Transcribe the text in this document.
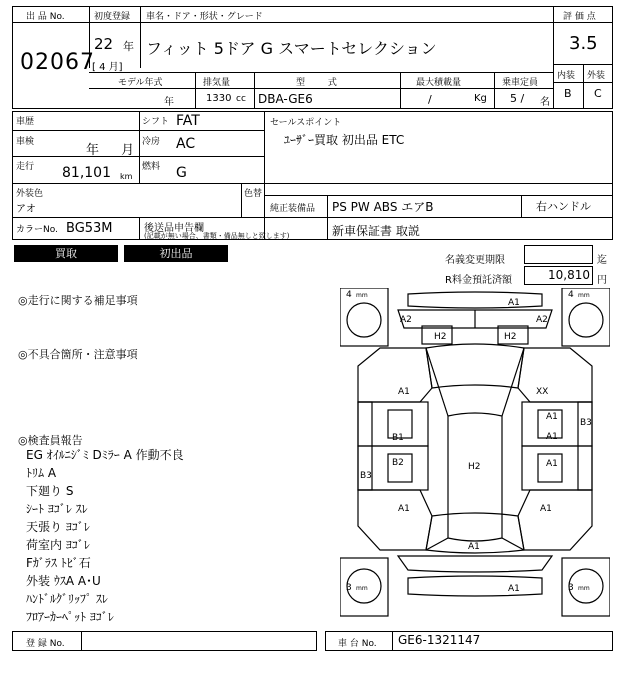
出 品 No.
02067
初度登録
22 年
[ 4 月]
車名・ドア・形状・グレード
フィット 5ドア G スマートセレクション
評 価 点
3.5
内装 外装
B C
モデル年式	排気量	型 式	最大積載量	乗車定員
年	1330 cc DBA-GE6	/	Kg 5 / 名
車歴	シフト FAT
車検
年 月
冷房 AC
走行 81,101 km
燃料 G
セールスポイント
ﾕｰｻﾞｰ買取 初出品 ETC
外装色
アオ
色替
純正装備品 PS PW ABS エアB	右ハンドル
カラーNo. BG53M	後送品申告欄
(記載が無い場合、書類・備品無しと致します)	新車保証書 取説
買取	初出品
名義変更期限	迄
R料金預託済額	10,810 円
◎走行に関する補足事項
◎不具合箇所・注意事項
◎検査員報告
EG ｵｲﾙﾆｼﾞﾐ Dﾐﾗｰ A 作動不良
ﾄﾘﾑ A
下廻り S
ｼｰﾄ ﾖｺﾞﾚ ｽﾚ
天張り ﾖｺﾞﾚ
荷室内 ﾖｺﾞﾚ
Fｶﾞﾗｽ ﾄﾋﾞ石
外装 ｳｽA A･U
ﾊﾝﾄﾞﾙｸﾞﾘｯﾌﾟ ｽﾚ
ﾌﾛｱｰｶｰﾍﾟｯﾄ ﾖｺﾞﾚ
4 mm	4 mm
3 mm	3 mm
A1
A2	A2
H2	H2
A1	XX
A1
B3
B1	A1
B2	H2	A1
B3
A1	A1
A1
A1
登 録 No.	車 台 No. GE6-1321147
